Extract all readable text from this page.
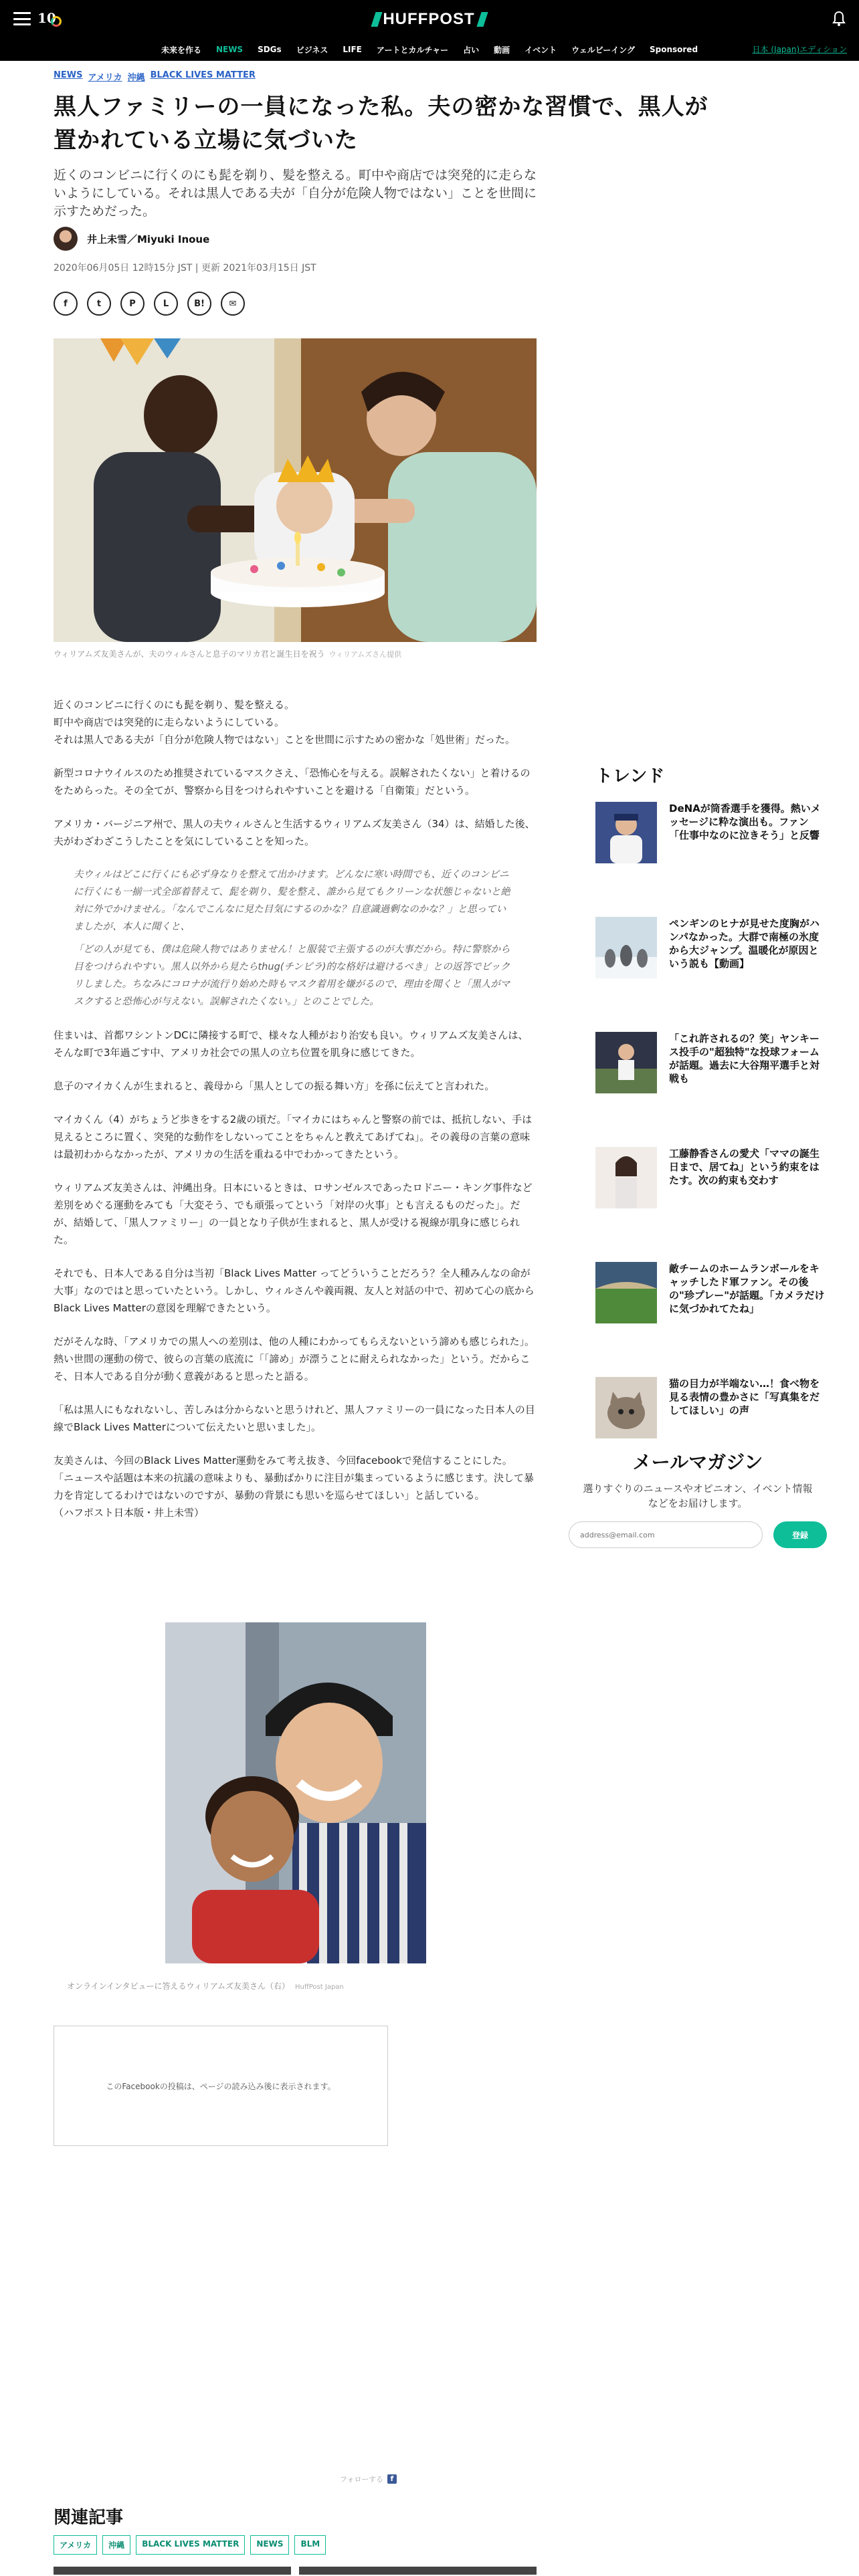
10	HUFFPOST
未来を作る NEWS SDGs ビジネス LIFE アートとカルチャー 占い 動画 イベント ウェルビーイング Sponsored	日本 (Japan)エディション
NEWS アメリカ 沖縄 BLACK LIVES MATTER
黒人ファミリーの一員になった私。夫の密かな習慣で、黒人が置かれている立場に気づいた

近くのコンビニに行くのにも髭を剃り、髪を整える。町中や商店では突発的に走らないようにしている。それは黒人である夫が「自分が危険人物ではない」ことを世間に示すためだった。

井上未雪／Miyuki Inoue
2020年06月05日 12時15分 JST | 更新 2021年03月15日 JST
f	t	P	L	B!	✉
ウィリアムズ友美さんが、夫のウィルさんと息子のマリカ君と誕生日を祝う ウィリアムズさん提供

近くのコンビニに行くのにも髭を剃り、髪を整える。
町中や商店では突発的に走らないようにしている。
それは黒人である夫が「自分が危険人物ではない」ことを世間に示すための密かな「処世術」だった。

新型コロナウイルスのため推奨されているマスクさえ、「恐怖心を与える。誤解されたくない」と着けるのをためらった。その全てが、警察から目をつけられやすいことを避ける「自衛策」だという。

アメリカ・バージニア州で、黒人の夫ウィルさんと生活するウィリアムズ友美さん（34）は、結婚した後、夫がわざわざこうしたことを気にしていることを知った。

夫ウィルはどこに行くにも必ず身なりを整えて出かけます。どんなに寒い時間でも、近くのコンビニに行くにも一揃一式全部着替えて、髭を剃り、髪を整え、誰から見てもクリーンな状態じゃないと絶対に外でかけません。「なんでこんなに見た目気にするのかな？自意識過剰なのかな？」と思っていましたが、本人に聞くと、

「どの人が見ても、僕は危険人物ではありません！と服装で主張するのが大事だから。特に警察から目をつけられやすい。黒人以外から見たらthug(チンピラ)的な格好は避けるべき」との返答でビックリしました。ちなみにコロナが流行り始めた時もマスク着用を嫌がるので、理由を聞くと「黒人がマスクすると恐怖心が与えない。誤解されたくない。」とのことでした。

住まいは、首都ワシントンDCに隣接する町で、様々な人種がおり治安も良い。ウィリアムズ友美さんは、そんな町で3年過ごす中、アメリカ社会での黒人の立ち位置を肌身に感じてきた。

息子のマイカくんが生まれると、義母から「黒人としての振る舞い方」を孫に伝えてと言われた。

マイカくん（4）がちょうど歩きをする2歳の頃だ。「マイカにはちゃんと警察の前では、抵抗しない、手は見えるところに置く、突発的な動作をしないってことをちゃんと教えてあげてね」。その義母の言葉の意味は最初わからなかったが、アメリカの生活を重ねる中でわかってきたという。

ウィリアムズ友美さんは、沖縄出身。日本にいるときは、ロサンゼルスであったロドニー・キング事件など差別をめぐる運動をみても「大変そう、でも頑張ってという「対岸の火事」とも言えるものだった」。だが、結婚して、「黒人ファミリー」の一員となり子供が生まれると、黒人が受ける視線が肌身に感じられた。

それでも、日本人である自分は当初「Black Lives Matter ってどういうことだろう？全人種みんなの命が大事」なのではと思っていたという。しかし、ウィルさんや義両親、友人と対話の中で、初めて心の底からBlack Lives Matterの意図を理解できたという。

だがそんな時、「アメリカでの黒人への差別は、他の人種にわかってもらえないという諦めも感じられた」。
熱い世間の運動の傍で、彼らの言葉の底流に「「諦め」が漂うことに耐えられなかった」という。だからこそ、日本人である自分が動く意義があると思ったと語る。

「私は黒人にもなれないし、苦しみは分からないと思うけれど、黒人ファミリーの一員になった日本人の目線でBlack Lives Matterについて伝えたいと思いました」。

友美さんは、今回のBlack Lives Matter運動をみて考え抜き、今回facebookで発信することにした。
「ニュースや話題は本来の抗議の意味よりも、暴動ばかりに注目が集まっているように感じます。決して暴力を肯定してるわけではないのですが、暴動の背景にも思いを巡らせてほしい」と話している。
（ハフポスト日本版・井上未雪）

オンラインインタビューに答えるウィリアムズ友美さん（右） HuffPost Japan
このFacebookの投稿は、ページの読み込み後に表示されます。
フォローする f
関連記事
アメリカ	沖縄	BLACK LIVES MATTER	NEWS	BLM
トレンド
DeNAが筒香選手を獲得。熱いメッセージに粋な演出も。ファン「仕事中なのに泣きそう」と反響
ペンギンのヒナが見せた度胸がハンパなかった。大群で南極の氷度から大ジャンプ。温暖化が原因という説も【動画】
「これ許されるの？笑」ヤンキース投手の"超独特"な投球フォームが話題。過去に大谷翔平選手と対戦も
工藤静香さんの愛犬「ママの誕生日まで、居てね」という約束をはたす。次の約束も交わす
敵チームのホームランボールをキャッチしたド軍ファン。その後の"珍プレー"が話題。「カメラだけに気づかれてたね」
猫の目力が半端ない…！食べ物を見る表情の豊かさに「写真集をだしてほしい」の声
メールマガジン

選りすぐりのニュースやオピニオン、イベント情報などをお届けします。

address@email.com
登録
